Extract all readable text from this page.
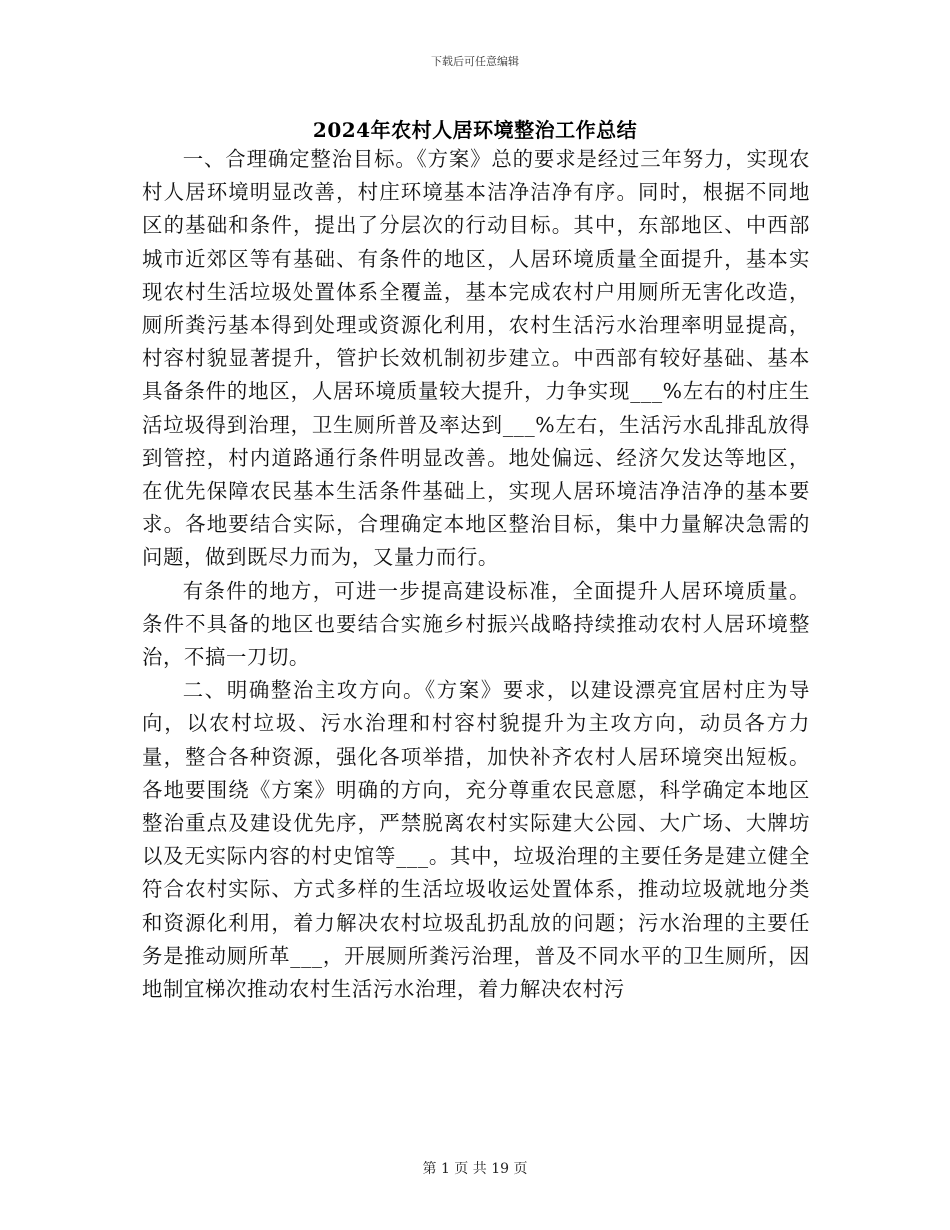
下载后可任意编辑
2024年农村人居环境整治工作总结

一、合理确定整治目标。《方案》总的要求是经过三年努力，实现农村人居环境明显改善，村庄环境基本洁净洁净有序。同时，根据不同地区的基础和条件，提出了分层次的行动目标。其中，东部地区、中西部城市近郊区等有基础、有条件的地区，人居环境质量全面提升，基本实现农村生活垃圾处置体系全覆盖，基本完成农村户用厕所无害化改造，厕所粪污基本得到处理或资源化利用，农村生活污水治理率明显提高，村容村貌显著提升，管护长效机制初步建立。中西部有较好基础、基本具备条件的地区，人居环境质量较大提升，力争实现___%左右的村庄生活垃圾得到治理，卫生厕所普及率达到___%左右，生活污水乱排乱放得到管控，村内道路通行条件明显改善。地处偏远、经济欠发达等地区，在优先保障农民基本生活条件基础上，实现人居环境洁净洁净的基本要求。各地要结合实际，合理确定本地区整治目标，集中力量解决急需的问题，做到既尽力而为，又量力而行。

有条件的地方，可进一步提高建设标准，全面提升人居环境质量。条件不具备的地区也要结合实施乡村振兴战略持续推动农村人居环境整治，不搞一刀切。

二、明确整治主攻方向。《方案》要求，以建设漂亮宜居村庄为导向，以农村垃圾、污水治理和村容村貌提升为主攻方向，动员各方力量，整合各种资源，强化各项举措，加快补齐农村人居环境突出短板。各地要围绕《方案》明确的方向，充分尊重农民意愿，科学确定本地区整治重点及建设优先序，严禁脱离农村实际建大公园、大广场、大牌坊以及无实际内容的村史馆等___。其中，垃圾治理的主要任务是建立健全符合农村实际、方式多样的生活垃圾收运处置体系，推动垃圾就地分类和资源化利用，着力解决农村垃圾乱扔乱放的问题；污水治理的主要任务是推动厕所革___，开展厕所粪污治理，普及不同水平的卫生厕所，因地制宜梯次推动农村生活污水治理，着力解决农村污

第 1 页 共 19 页
